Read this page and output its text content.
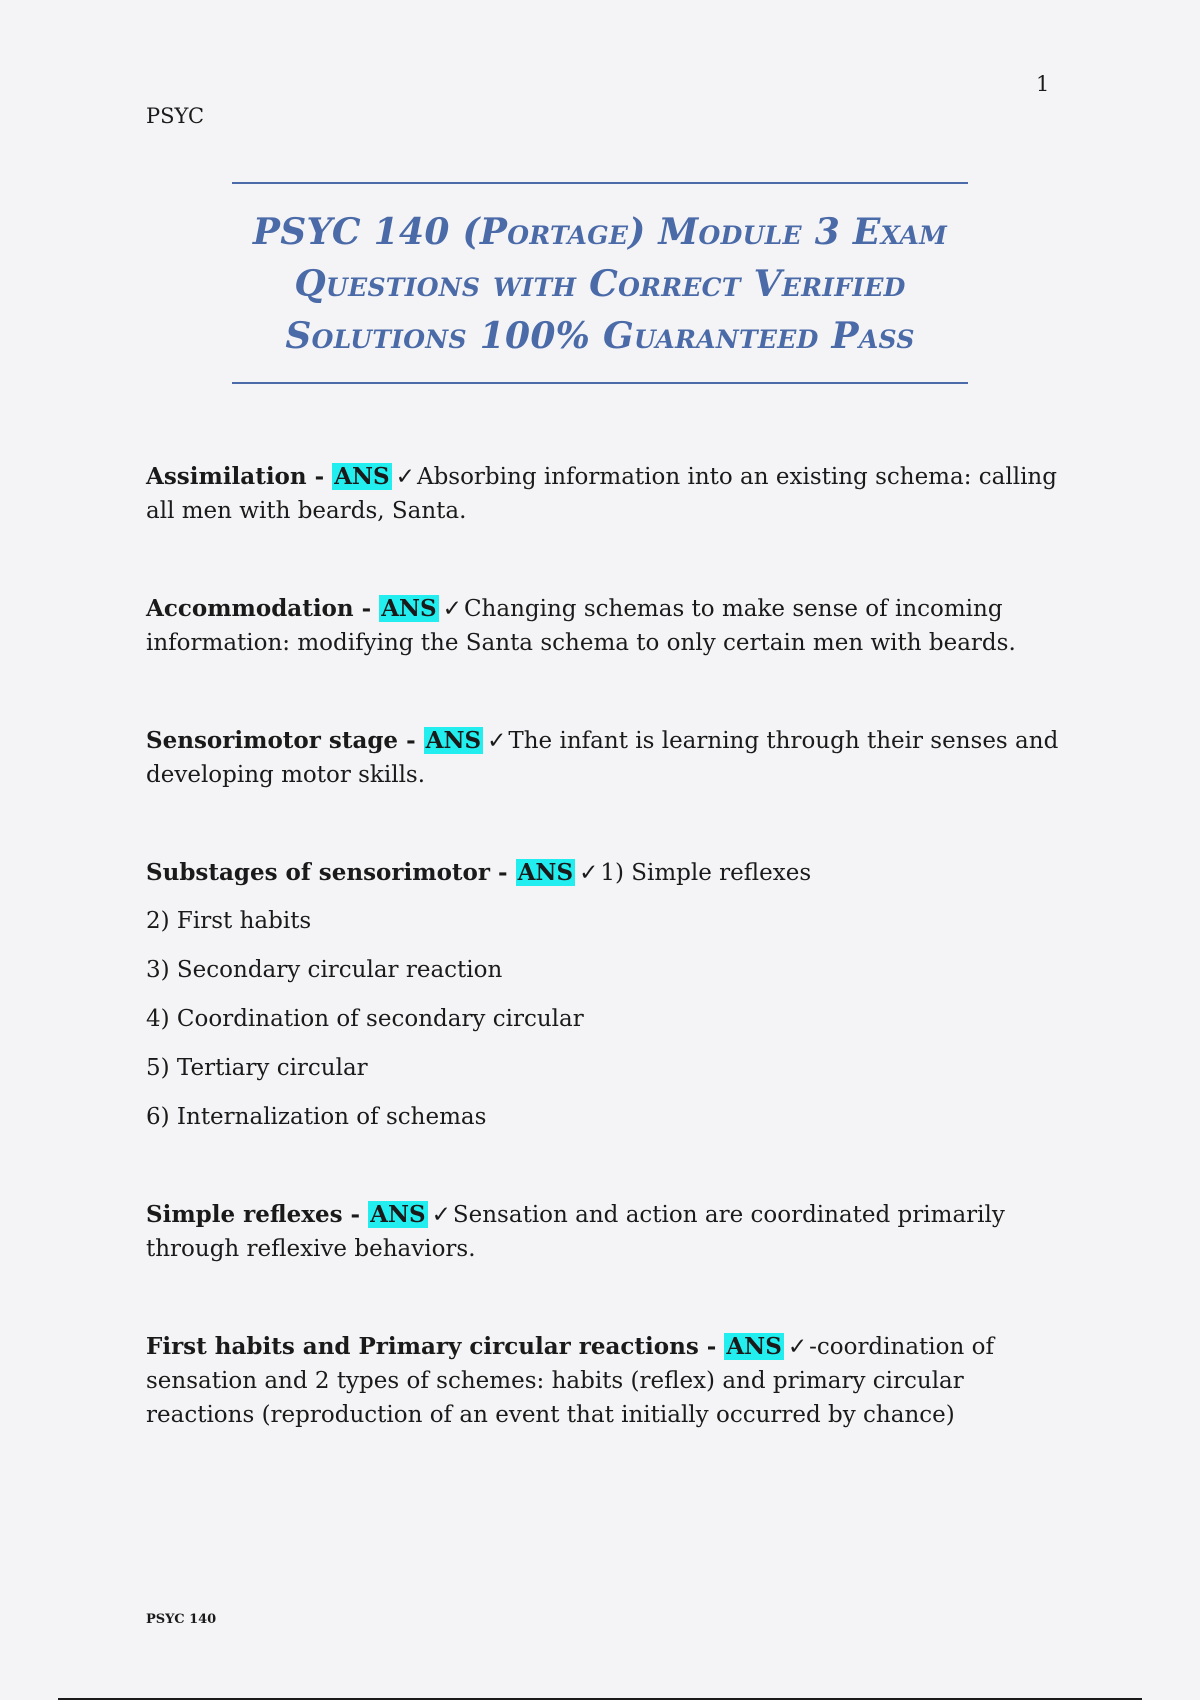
1
PSYC
PSYC 140 (Portage) Module 3 Exam
Questions with Correct Verified
Solutions 100% Guaranteed Pass
Assimilation - ANS ✓Absorbing information into an existing schema: calling all men with beards, Santa.
Accommodation - ANS ✓Changing schemas to make sense of incoming information: modifying the Santa schema to only certain men with beards.
Sensorimotor stage - ANS ✓The infant is learning through their senses and developing motor skills.
Substages of sensorimotor - ANS ✓1) Simple reflexes
2) First habits
3) Secondary circular reaction
4) Coordination of secondary circular
5) Tertiary circular
6) Internalization of schemas
Simple reflexes - ANS ✓Sensation and action are coordinated primarily through reflexive behaviors.
First habits and Primary circular reactions - ANS ✓-coordination of sensation and 2 types of schemes: habits (reflex) and primary circular reactions (reproduction of an event that initially occurred by chance)
PSYC 140
